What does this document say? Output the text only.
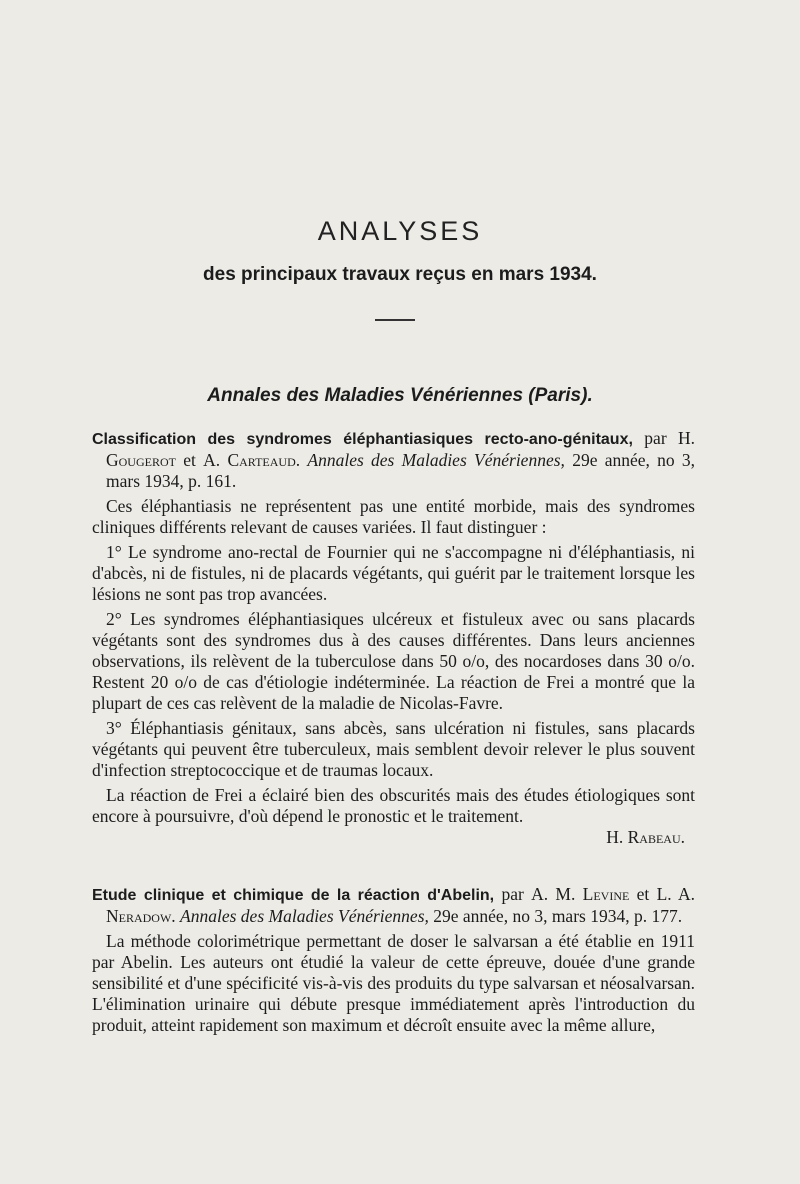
ANALYSES
des principaux travaux reçus en mars 1934.
Annales des Maladies Vénériennes (Paris).
Classification des syndromes éléphantiasiques recto-ano-génitaux, par H. Gougerot et A. Carteaud. Annales des Maladies Vénériennes, 29e année, no 3, mars 1934, p. 161.

Ces éléphantiasis ne représentent pas une entité morbide, mais des syndromes cliniques différents relevant de causes variées. Il faut distinguer :

1° Le syndrome ano-rectal de Fournier qui ne s'accompagne ni d'éléphantiasis, ni d'abcès, ni de fistules, ni de placards végétants, qui guérit par le traitement lorsque les lésions ne sont pas trop avancées.

2° Les syndromes éléphantiasiques ulcéreux et fistuleux avec ou sans placards végétants sont des syndromes dus à des causes différentes. Dans leurs anciennes observations, ils relèvent de la tuberculose dans 50 o/o, des nocardoses dans 30 o/o. Restent 20 o/o de cas d'étiologie indéterminée. La réaction de Frei a montré que la plupart de ces cas relèvent de la maladie de Nicolas-Favre.

3° Éléphantiasis génitaux, sans abcès, sans ulcération ni fistules, sans placards végétants qui peuvent être tuberculeux, mais semblent devoir relever le plus souvent d'infection streptococcique et de traumas locaux.

La réaction de Frei a éclairé bien des obscurités mais des études étiologiques sont encore à poursuivre, d'où dépend le pronostic et le traitement.

H. Rabeau.
Etude clinique et chimique de la réaction d'Abelin, par A. M. Levine et L. A. Neradow. Annales des Maladies Vénériennes, 29e année, no 3, mars 1934, p. 177.

La méthode colorimétrique permettant de doser le salvarsan a été établie en 1911 par Abelin. Les auteurs ont étudié la valeur de cette épreuve, douée d'une grande sensibilité et d'une spécificité vis-à-vis des produits du type salvarsan et néosalvarsan. L'élimination urinaire qui débute presque immédiatement après l'introduction du produit, atteint rapidement son maximum et décroît ensuite avec la même allure,
